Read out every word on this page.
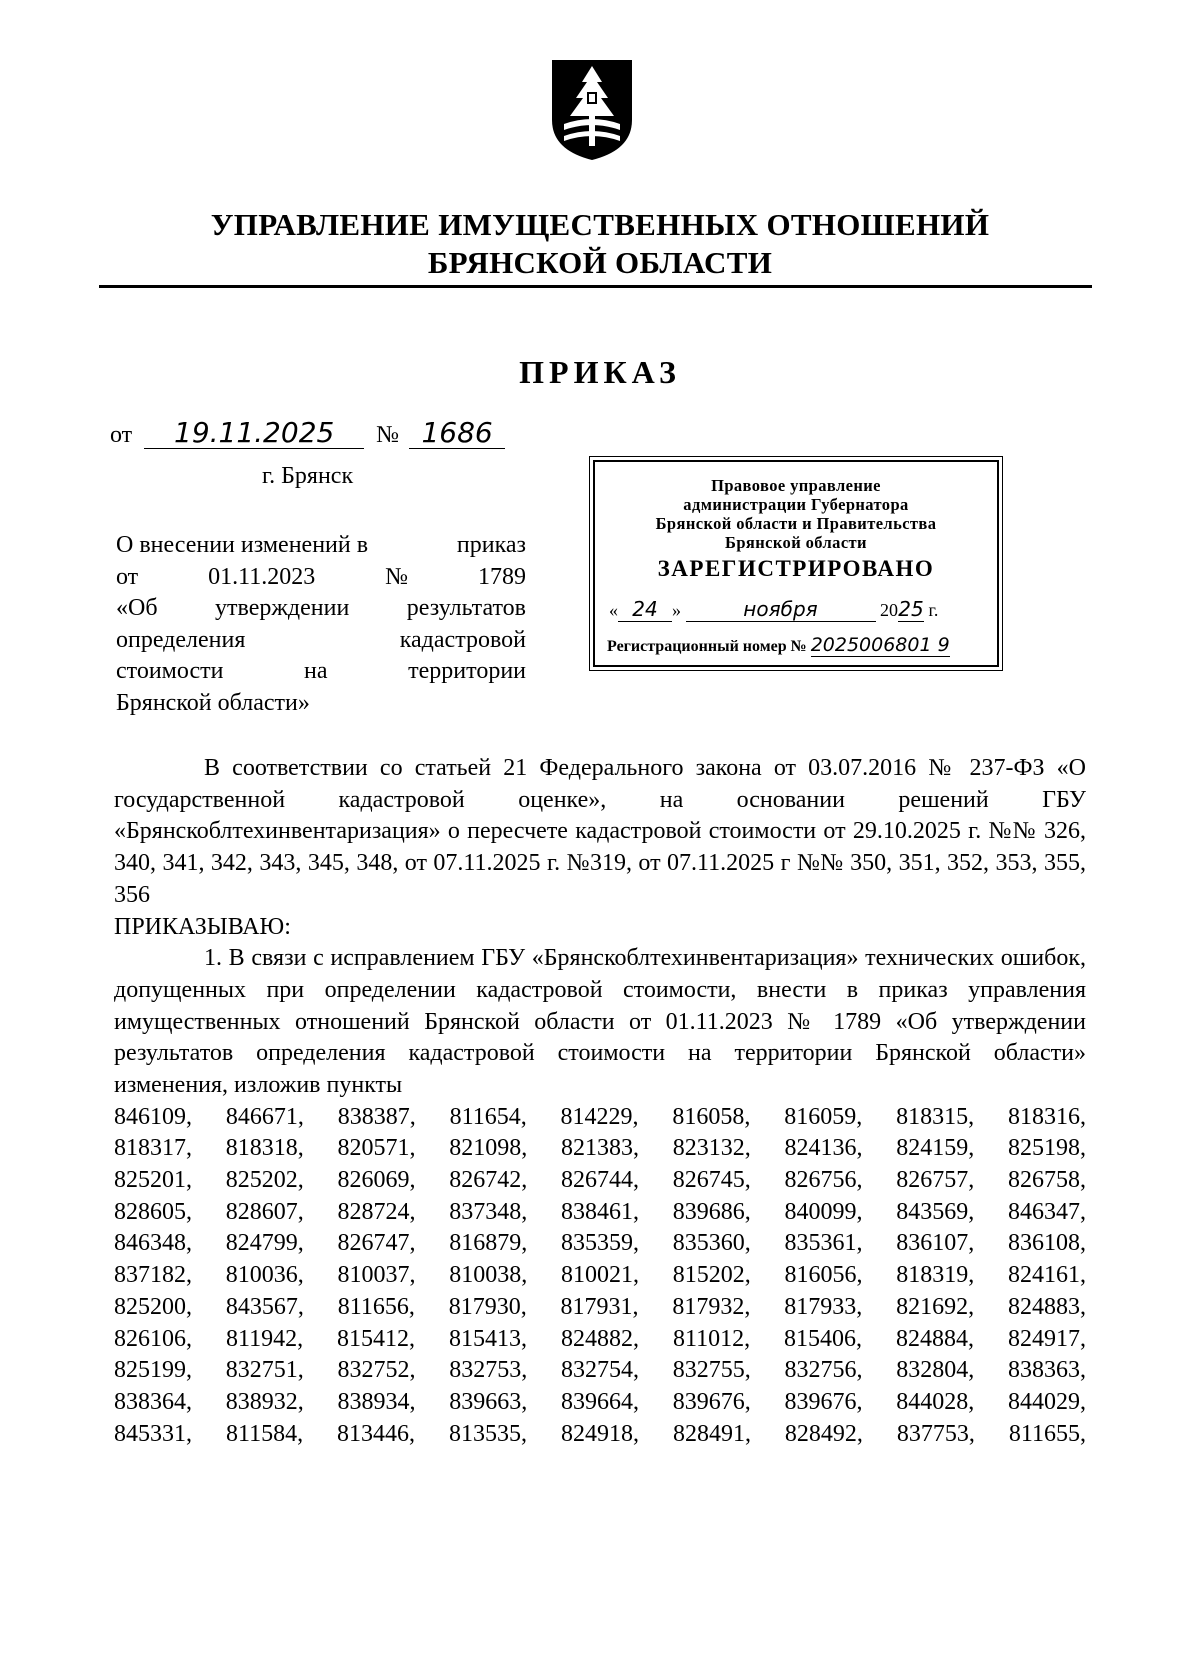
УПРАВЛЕНИЕ ИМУЩЕСТВЕННЫХ ОТНОШЕНИЙ
БРЯНСКОЙ ОБЛАСТИ
ПРИКАЗ
от 19.11.2025 № 1686
г. Брянск
О внесении изменений в	приказ
от	01.11.2023	№	1789
«Об утверждении результатов
определения	кадастровой
стоимости	на	территории
Брянской области»
Правовое управление
администрации Губернатора
Брянской области и Правительства
Брянской области
ЗАРЕГИСТРИРОВАНО
« 24 »	ноября	2025 г.
Регистрационный номер № 2025006801 9

В соответствии со статьей 21 Федерального закона от 03.07.2016 № 237-ФЗ «О государственной кадастровой оценке», на основании решений ГБУ «Брянскоблтехинвентаризация» о пересчете кадастровой стоимости от 29.10.2025 г. №№ 326, 340, 341, 342, 343, 345, 348, от 07.11.2025 г. №319, от 07.11.2025 г №№ 350, 351, 352, 353, 355, 356

ПРИКАЗЫВАЮ:

1. В связи с исправлением ГБУ «Брянскоблтехинвентаризация» технических ошибок, допущенных при определении кадастровой стоимости, внести в приказ управления имущественных отношений Брянской области от 01.11.2023 № 1789 «Об утверждении результатов определения кадастровой стоимости на территории Брянской области» изменения, изложив пункты

846109, 846671, 838387, 811654, 814229, 816058, 816059, 818315, 818316,
818317, 818318, 820571, 821098, 821383, 823132, 824136, 824159, 825198,
825201, 825202, 826069, 826742, 826744, 826745, 826756, 826757, 826758,
828605, 828607, 828724, 837348, 838461, 839686, 840099, 843569, 846347,
846348, 824799, 826747, 816879, 835359, 835360, 835361, 836107, 836108,
837182, 810036, 810037, 810038, 810021, 815202, 816056, 818319, 824161,
825200, 843567, 811656, 817930, 817931, 817932, 817933, 821692, 824883,
826106, 811942, 815412, 815413, 824882, 811012, 815406, 824884, 824917,
825199, 832751, 832752, 832753, 832754, 832755, 832756, 832804, 838363,
838364, 838932, 838934, 839663, 839664, 839676, 839676, 844028, 844029,
845331, 811584, 813446, 813535, 824918, 828491, 828492, 837753, 811655,
